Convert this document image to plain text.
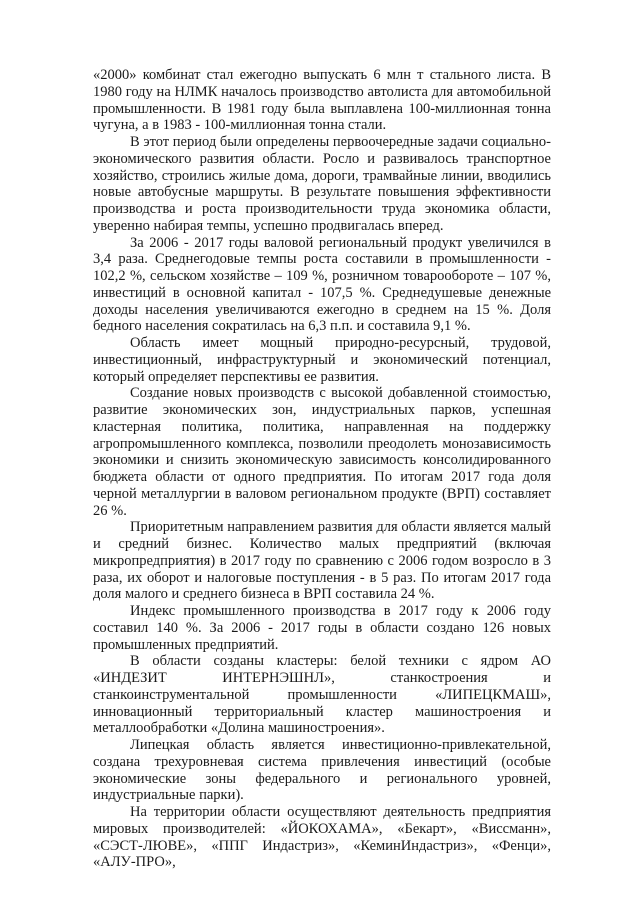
«2000» комбинат стал ежегодно выпускать 6 млн т стального листа. В 1980 году на НЛМК началось производство автолиста для автомобильной промышленности. В 1981 году была выплавлена 100-миллионная тонна чугуна, а в 1983 - 100-миллионная тонна стали.

В этот период были определены первоочередные задачи социально-экономического развития области. Росло и развивалось транспортное хозяйство, строились жилые дома, дороги, трамвайные линии, вводились новые автобусные маршруты. В результате повышения эффективности производства и роста производительности труда экономика области, уверенно набирая темпы, успешно продвигалась вперед.

За 2006 - 2017 годы валовой региональный продукт увеличился в 3,4 раза. Среднегодовые темпы роста составили в промышленности - 102,2 %, сельском хозяйстве – 109 %, розничном товарообороте – 107 %, инвестиций в основной капитал - 107,5 %. Среднедушевые денежные доходы населения увеличиваются ежегодно в среднем на 15 %. Доля бедного населения сократилась на 6,3 п.п. и составила 9,1 %.

Область имеет мощный природно-ресурсный, трудовой, инвестиционный, инфраструктурный и экономический потенциал, который определяет перспективы ее развития.

Создание новых производств с высокой добавленной стоимостью, развитие экономических зон, индустриальных парков, успешная кластерная политика, политика, направленная на поддержку агропромышленного комплекса, позволили преодолеть монозависимость экономики и снизить экономическую зависимость консолидированного бюджета области от одного предприятия. По итогам 2017 года доля черной металлургии в валовом региональном продукте (ВРП) составляет 26 %.

Приоритетным направлением развития для области является малый и средний бизнес. Количество малых предприятий (включая микропредприятия) в 2017 году по сравнению с 2006 годом возросло в 3 раза, их оборот и налоговые поступления - в 5 раз. По итогам 2017 года доля малого и среднего бизнеса в ВРП составила 24 %.

Индекс промышленного производства в 2017 году к 2006 году составил 140 %. За 2006 - 2017 годы в области создано 126 новых промышленных предприятий.

В области созданы кластеры: белой техники с ядром АО «ИНДЕЗИТ ИНТЕРНЭШНЛ», станкостроения и станкоинструментальной промышленности «ЛИПЕЦКМАШ», инновационный территориальный кластер машиностроения и металлообработки «Долина машиностроения».

Липецкая область является инвестиционно-привлекательной, создана трехуровневая система привлечения инвестиций (особые экономические зоны федерального и регионального уровней, индустриальные парки).

На территории области осуществляют деятельность предприятия мировых производителей: «ЙОКОХАМА», «Бекарт», «Виссманн», «СЭСТ-ЛЮВЕ», «ППГ Индастриз», «КеминИндастриз», «Фенци», «АЛУ-ПРО»,
